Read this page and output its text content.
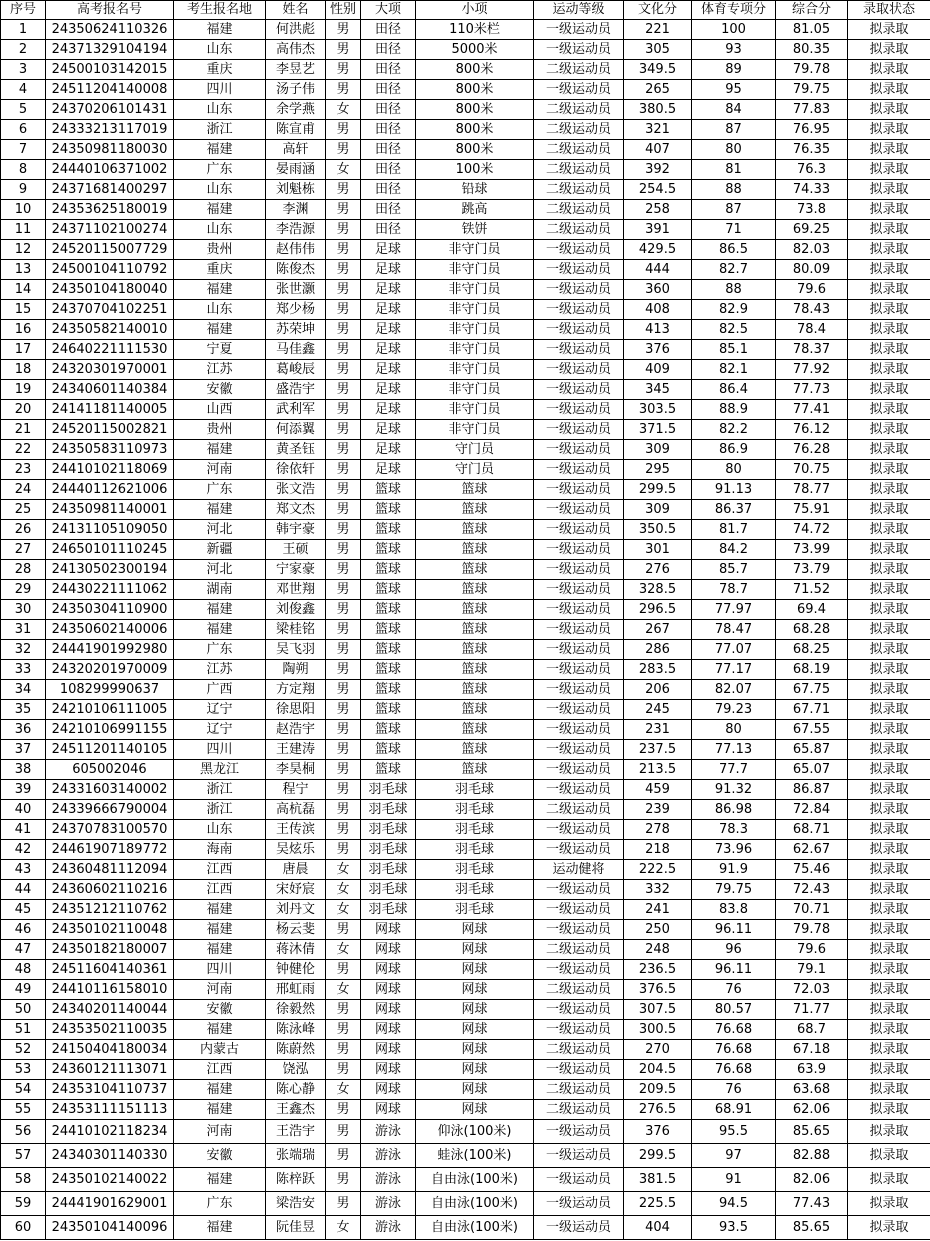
序号	高考报名号	考生报名地	姓名	性别	大项	小项	运动等级	文化分	体育专项分	综合分	录取状态
1	24350624110326	福建	何洪彪	男	田径	110米栏	一级运动员	221	100	81.05	拟录取
2	24371329104194	山东	高伟杰	男	田径	5000米	一级运动员	305	93	80.35	拟录取
3	24500103142015	重庆	李昱艺	男	田径	800米	二级运动员	349.5	89	79.78	拟录取
4	24511204140008	四川	汤子伟	男	田径	800米	一级运动员	265	95	79.75	拟录取
5	24370206101431	山东	余学燕	女	田径	800米	二级运动员	380.5	84	77.83	拟录取
6	24333213117019	浙江	陈宣甫	男	田径	800米	二级运动员	321	87	76.95	拟录取
7	24350981180030	福建	高轩	男	田径	800米	二级运动员	407	80	76.35	拟录取
8	24440106371002	广东	晏雨涵	女	田径	100米	二级运动员	392	81	76.3	拟录取
9	24371681400297	山东	刘魁栋	男	田径	铅球	二级运动员	254.5	88	74.33	拟录取
10	24353625180019	福建	李渊	男	田径	跳高	二级运动员	258	87	73.8	拟录取
11	24371102100274	山东	李浩源	男	田径	铁饼	二级运动员	391	71	69.25	拟录取
12	24520115007729	贵州	赵伟伟	男	足球	非守门员	一级运动员	429.5	86.5	82.03	拟录取
13	24500104110792	重庆	陈俊杰	男	足球	非守门员	一级运动员	444	82.7	80.09	拟录取
14	24350104180040	福建	张世灏	男	足球	非守门员	一级运动员	360	88	79.6	拟录取
15	24370704102251	山东	郑少杨	男	足球	非守门员	一级运动员	408	82.9	78.43	拟录取
16	24350582140010	福建	苏荣坤	男	足球	非守门员	一级运动员	413	82.5	78.4	拟录取
17	24640221111530	宁夏	马佳鑫	男	足球	非守门员	一级运动员	376	85.1	78.37	拟录取
18	24320301970001	江苏	葛峻辰	男	足球	非守门员	一级运动员	409	82.1	77.92	拟录取
19	24340601140384	安徽	盛浩宇	男	足球	非守门员	一级运动员	345	86.4	77.73	拟录取
20	24141181140005	山西	武利军	男	足球	非守门员	一级运动员	303.5	88.9	77.41	拟录取
21	24520115002821	贵州	何添翼	男	足球	非守门员	一级运动员	371.5	82.2	76.12	拟录取
22	24350583110973	福建	黄圣钰	男	足球	守门员	一级运动员	309	86.9	76.28	拟录取
23	24410102118069	河南	徐依轩	男	足球	守门员	一级运动员	295	80	70.75	拟录取
24	24440112621006	广东	张文浩	男	篮球	篮球	一级运动员	299.5	91.13	78.77	拟录取
25	24350981140001	福建	郑文杰	男	篮球	篮球	一级运动员	309	86.37	75.91	拟录取
26	24131105109050	河北	韩宇豪	男	篮球	篮球	一级运动员	350.5	81.7	74.72	拟录取
27	24650101110245	新疆	王硕	男	篮球	篮球	一级运动员	301	84.2	73.99	拟录取
28	24130502300194	河北	宁家豪	男	篮球	篮球	一级运动员	276	85.7	73.79	拟录取
29	24430221111062	湖南	邓世翔	男	篮球	篮球	一级运动员	328.5	78.7	71.52	拟录取
30	24350304110900	福建	刘俊鑫	男	篮球	篮球	一级运动员	296.5	77.97	69.4	拟录取
31	24350602140006	福建	梁桂铭	男	篮球	篮球	一级运动员	267	78.47	68.28	拟录取
32	24441901992980	广东	吴飞羽	男	篮球	篮球	一级运动员	286	77.07	68.25	拟录取
33	24320201970009	江苏	陶朔	男	篮球	篮球	一级运动员	283.5	77.17	68.19	拟录取
34	108299990637	广西	方定翔	男	篮球	篮球	一级运动员	206	82.07	67.75	拟录取
35	24210106111005	辽宁	徐思阳	男	篮球	篮球	一级运动员	245	79.23	67.71	拟录取
36	24210106991155	辽宁	赵浩宇	男	篮球	篮球	一级运动员	231	80	67.55	拟录取
37	24511201140105	四川	王建涛	男	篮球	篮球	一级运动员	237.5	77.13	65.87	拟录取
38	605002046	黑龙江	李昊桐	男	篮球	篮球	一级运动员	213.5	77.7	65.07	拟录取
39	24331603140002	浙江	程宁	男	羽毛球	羽毛球	一级运动员	459	91.32	86.87	拟录取
40	24339666790004	浙江	高杭磊	男	羽毛球	羽毛球	二级运动员	239	86.98	72.84	拟录取
41	24370783100570	山东	王传滨	男	羽毛球	羽毛球	一级运动员	278	78.3	68.71	拟录取
42	24461907189772	海南	吴炫乐	男	羽毛球	羽毛球	一级运动员	218	73.96	62.67	拟录取
43	24360481112094	江西	唐晨	女	羽毛球	羽毛球	运动健将	222.5	91.9	75.46	拟录取
44	24360602110216	江西	宋妤宸	女	羽毛球	羽毛球	一级运动员	332	79.75	72.43	拟录取
45	24351212110762	福建	刘丹文	女	羽毛球	羽毛球	一级运动员	241	83.8	70.71	拟录取
46	24350102110048	福建	杨云斐	男	网球	网球	一级运动员	250	96.11	79.78	拟录取
47	24350182180007	福建	蒋沐倩	女	网球	网球	二级运动员	248	96	79.6	拟录取
48	24511604140361	四川	钟健伦	男	网球	网球	一级运动员	236.5	96.11	79.1	拟录取
49	24410116158010	河南	邢虹雨	女	网球	网球	二级运动员	376.5	76	72.03	拟录取
50	24340201140044	安徽	徐毅然	男	网球	网球	一级运动员	307.5	80.57	71.77	拟录取
51	24353502110035	福建	陈泳峰	男	网球	网球	一级运动员	300.5	76.68	68.7	拟录取
52	24150404180034	内蒙古	陈蔚然	男	网球	网球	二级运动员	270	76.68	67.18	拟录取
53	24360121113071	江西	饶泓	男	网球	网球	一级运动员	204.5	76.68	63.9	拟录取
54	24353104110737	福建	陈心静	女	网球	网球	二级运动员	209.5	76	63.68	拟录取
55	24353111151113	福建	王鑫杰	男	网球	网球	二级运动员	276.5	68.91	62.06	拟录取
56	24410102118234	河南	王浩宇	男	游泳	仰泳(100米)	一级运动员	376	95.5	85.65	拟录取
57	24340301140330	安徽	张端瑞	男	游泳	蛙泳(100米)	一级运动员	299.5	97	82.88	拟录取
58	24350102140022	福建	陈梓跃	男	游泳	自由泳(100米)	一级运动员	381.5	91	82.06	拟录取
59	24441901629001	广东	梁浩安	男	游泳	自由泳(100米)	一级运动员	225.5	94.5	77.43	拟录取
60	24350104140096	福建	阮佳昱	女	游泳	自由泳(100米)	一级运动员	404	93.5	85.65	拟录取
